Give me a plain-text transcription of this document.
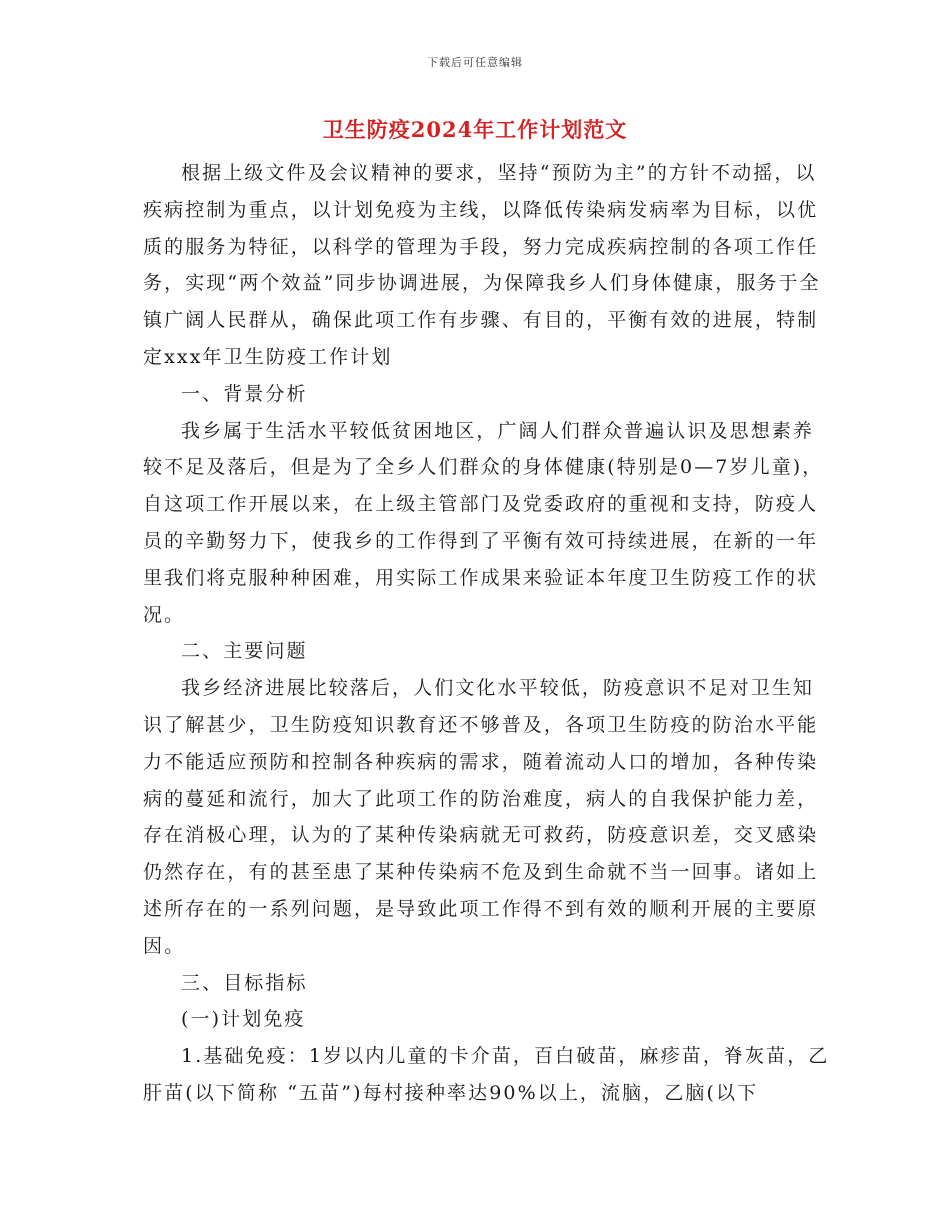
下载后可任意编辑
卫生防疫2024年工作计划范文

根据上级文件及会议精神的要求，坚持“预防为主”的方针不动摇，以疾病控制为重点，以计划免疫为主线，以降低传染病发病率为目标，以优质的服务为特征，以科学的管理为手段，努力完成疾病控制的各项工作任务，实现“两个效益”同步协调进展，为保障我乡人们身体健康，服务于全镇广阔人民群从，确保此项工作有步骤、有目的，平衡有效的进展，特制定xxx年卫生防疫工作计划

一、背景分析

我乡属于生活水平较低贫困地区，广阔人们群众普遍认识及思想素养较不足及落后，但是为了全乡人们群众的身体健康(特别是0—7岁儿童)，自这项工作开展以来，在上级主管部门及党委政府的重视和支持，防疫人员的辛勤努力下，使我乡的工作得到了平衡有效可持续进展，在新的一年里我们将克服种种困难，用实际工作成果来验证本年度卫生防疫工作的状况。

二、主要问题

我乡经济进展比较落后，人们文化水平较低，防疫意识不足对卫生知识了解甚少，卫生防疫知识教育还不够普及，各项卫生防疫的防治水平能力不能适应预防和控制各种疾病的需求，随着流动人口的增加，各种传染病的蔓延和流行，加大了此项工作的防治难度，病人的自我保护能力差，存在消极心理，认为的了某种传染病就无可救药，防疫意识差，交叉感染仍然存在，有的甚至患了某种传染病不危及到生命就不当一回事。诸如上述所存在的一系列问题，是导致此项工作得不到有效的顺利开展的主要原因。

三、目标指标

(一)计划免疫

1.基础免疫：1岁以内儿童的卡介苗，百白破苗，麻疹苗，脊灰苗，乙肝苗(以下简称 “五苗”)每村接种率达90%以上，流脑，乙脑(以下
